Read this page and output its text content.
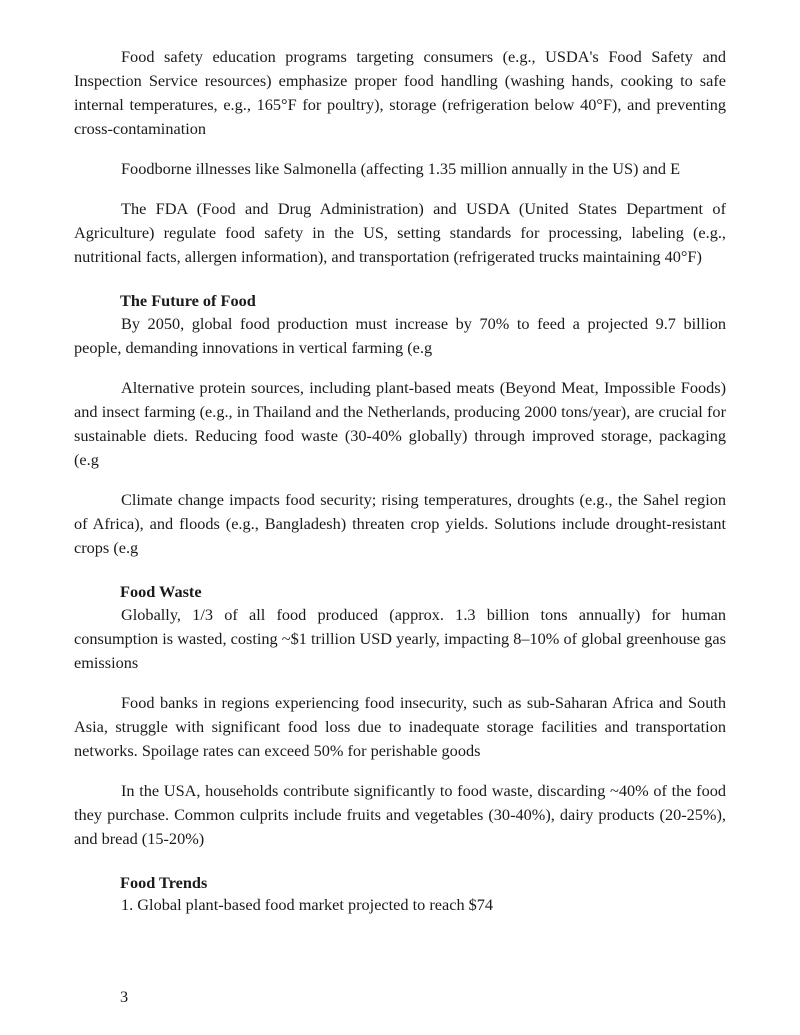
Food safety education programs targeting consumers (e.g., USDA's Food Safety and Inspection Service resources) emphasize proper food handling (washing hands, cooking to safe internal temperatures, e.g., 165°F for poultry), storage (refrigeration below 40°F), and preventing cross-contamination

Foodborne illnesses like Salmonella (affecting 1.35 million annually in the US) and E

The FDA (Food and Drug Administration) and USDA (United States Department of Agriculture) regulate food safety in the US, setting standards for processing, labeling (e.g., nutritional facts, allergen information), and transportation (refrigerated trucks maintaining 40°F)

The Future of Food

By 2050, global food production must increase by 70% to feed a projected 9.7 billion people, demanding innovations in vertical farming (e.g

Alternative protein sources, including plant-based meats (Beyond Meat, Impossible Foods) and insect farming (e.g., in Thailand and the Netherlands, producing 2000 tons/year), are crucial for sustainable diets. Reducing food waste (30-40% globally) through improved storage, packaging (e.g

Climate change impacts food security; rising temperatures, droughts (e.g., the Sahel region of Africa), and floods (e.g., Bangladesh) threaten crop yields. Solutions include drought-resistant crops (e.g

Food Waste

Globally, 1/3 of all food produced (approx. 1.3 billion tons annually) for human consumption is wasted, costing ~$1 trillion USD yearly, impacting 8–10% of global greenhouse gas emissions

Food banks in regions experiencing food insecurity, such as sub-Saharan Africa and South Asia, struggle with significant food loss due to inadequate storage facilities and transportation networks. Spoilage rates can exceed 50% for perishable goods

In the USA, households contribute significantly to food waste, discarding ~40% of the food they purchase. Common culprits include fruits and vegetables (30-40%), dairy products (20-25%), and bread (15-20%)

Food Trends
1. Global plant-based food market projected to reach $74
3
